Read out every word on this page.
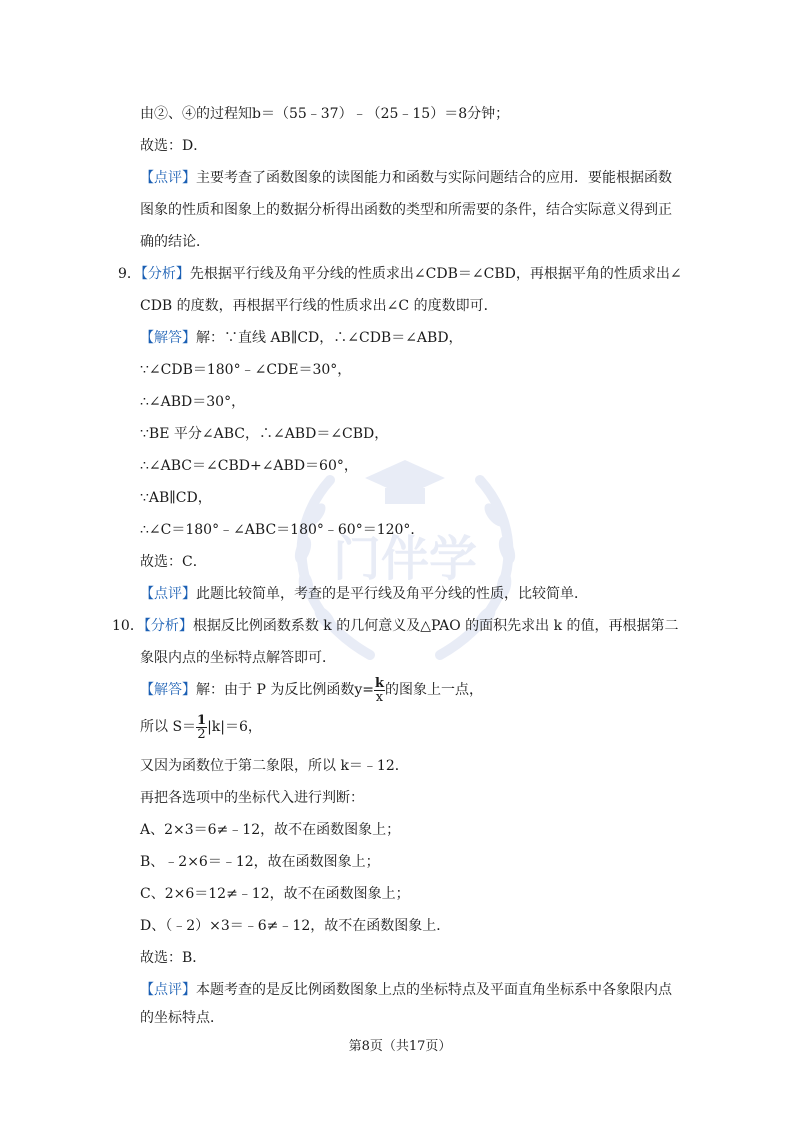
门伴学
由②、④的过程知b＝（55﹣37）﹣（25﹣15）＝8分钟；
故选：D．
【点评】主要考查了函数图象的读图能力和函数与实际问题结合的应用．要能根据函数
图象的性质和图象上的数据分析得出函数的类型和所需要的条件，结合实际意义得到正
确的结论．
9．【分析】先根据平行线及角平分线的性质求出∠CDB＝∠CBD，再根据平角的性质求出∠
CDB 的度数，再根据平行线的性质求出∠C 的度数即可．
【解答】解：∵直线 AB∥CD，∴∠CDB＝∠ABD，
∵∠CDB＝180°﹣∠CDE＝30°，
∴∠ABD＝30°，
∵BE 平分∠ABC，∴∠ABD＝∠CBD，
∴∠ABC＝∠CBD+∠ABD＝60°，
∵AB∥CD，
∴∠C＝180°﹣∠ABC＝180°﹣60°＝120°．
故选：C．
【点评】此题比较简单，考查的是平行线及角平分线的性质，比较简单．
10．【分析】根据反比例函数系数 k 的几何意义及△PAO 的面积先求出 k 的值，再根据第二
象限内点的坐标特点解答即可．
【解答】解：由于 P 为反比例函数$y= \frac{k}{x}$ 的图象上一点，
所以 $S= \frac{1}{2} |k|=6$，
又因为函数位于第二象限，所以 k＝﹣12．
再把各选项中的坐标代入进行判断：
A、2×3＝6≠﹣12，故不在函数图象上；
B、﹣2×6＝﹣12，故在函数图象上；
C、2×6＝12≠﹣12，故不在函数图象上；
D、（﹣2）×3＝﹣6≠﹣12，故不在函数图象上．
故选：B．
【点评】本题考查的是反比例函数图象上点的坐标特点及平面直角坐标系中各象限内点
的坐标特点．
第8页（共17页）
